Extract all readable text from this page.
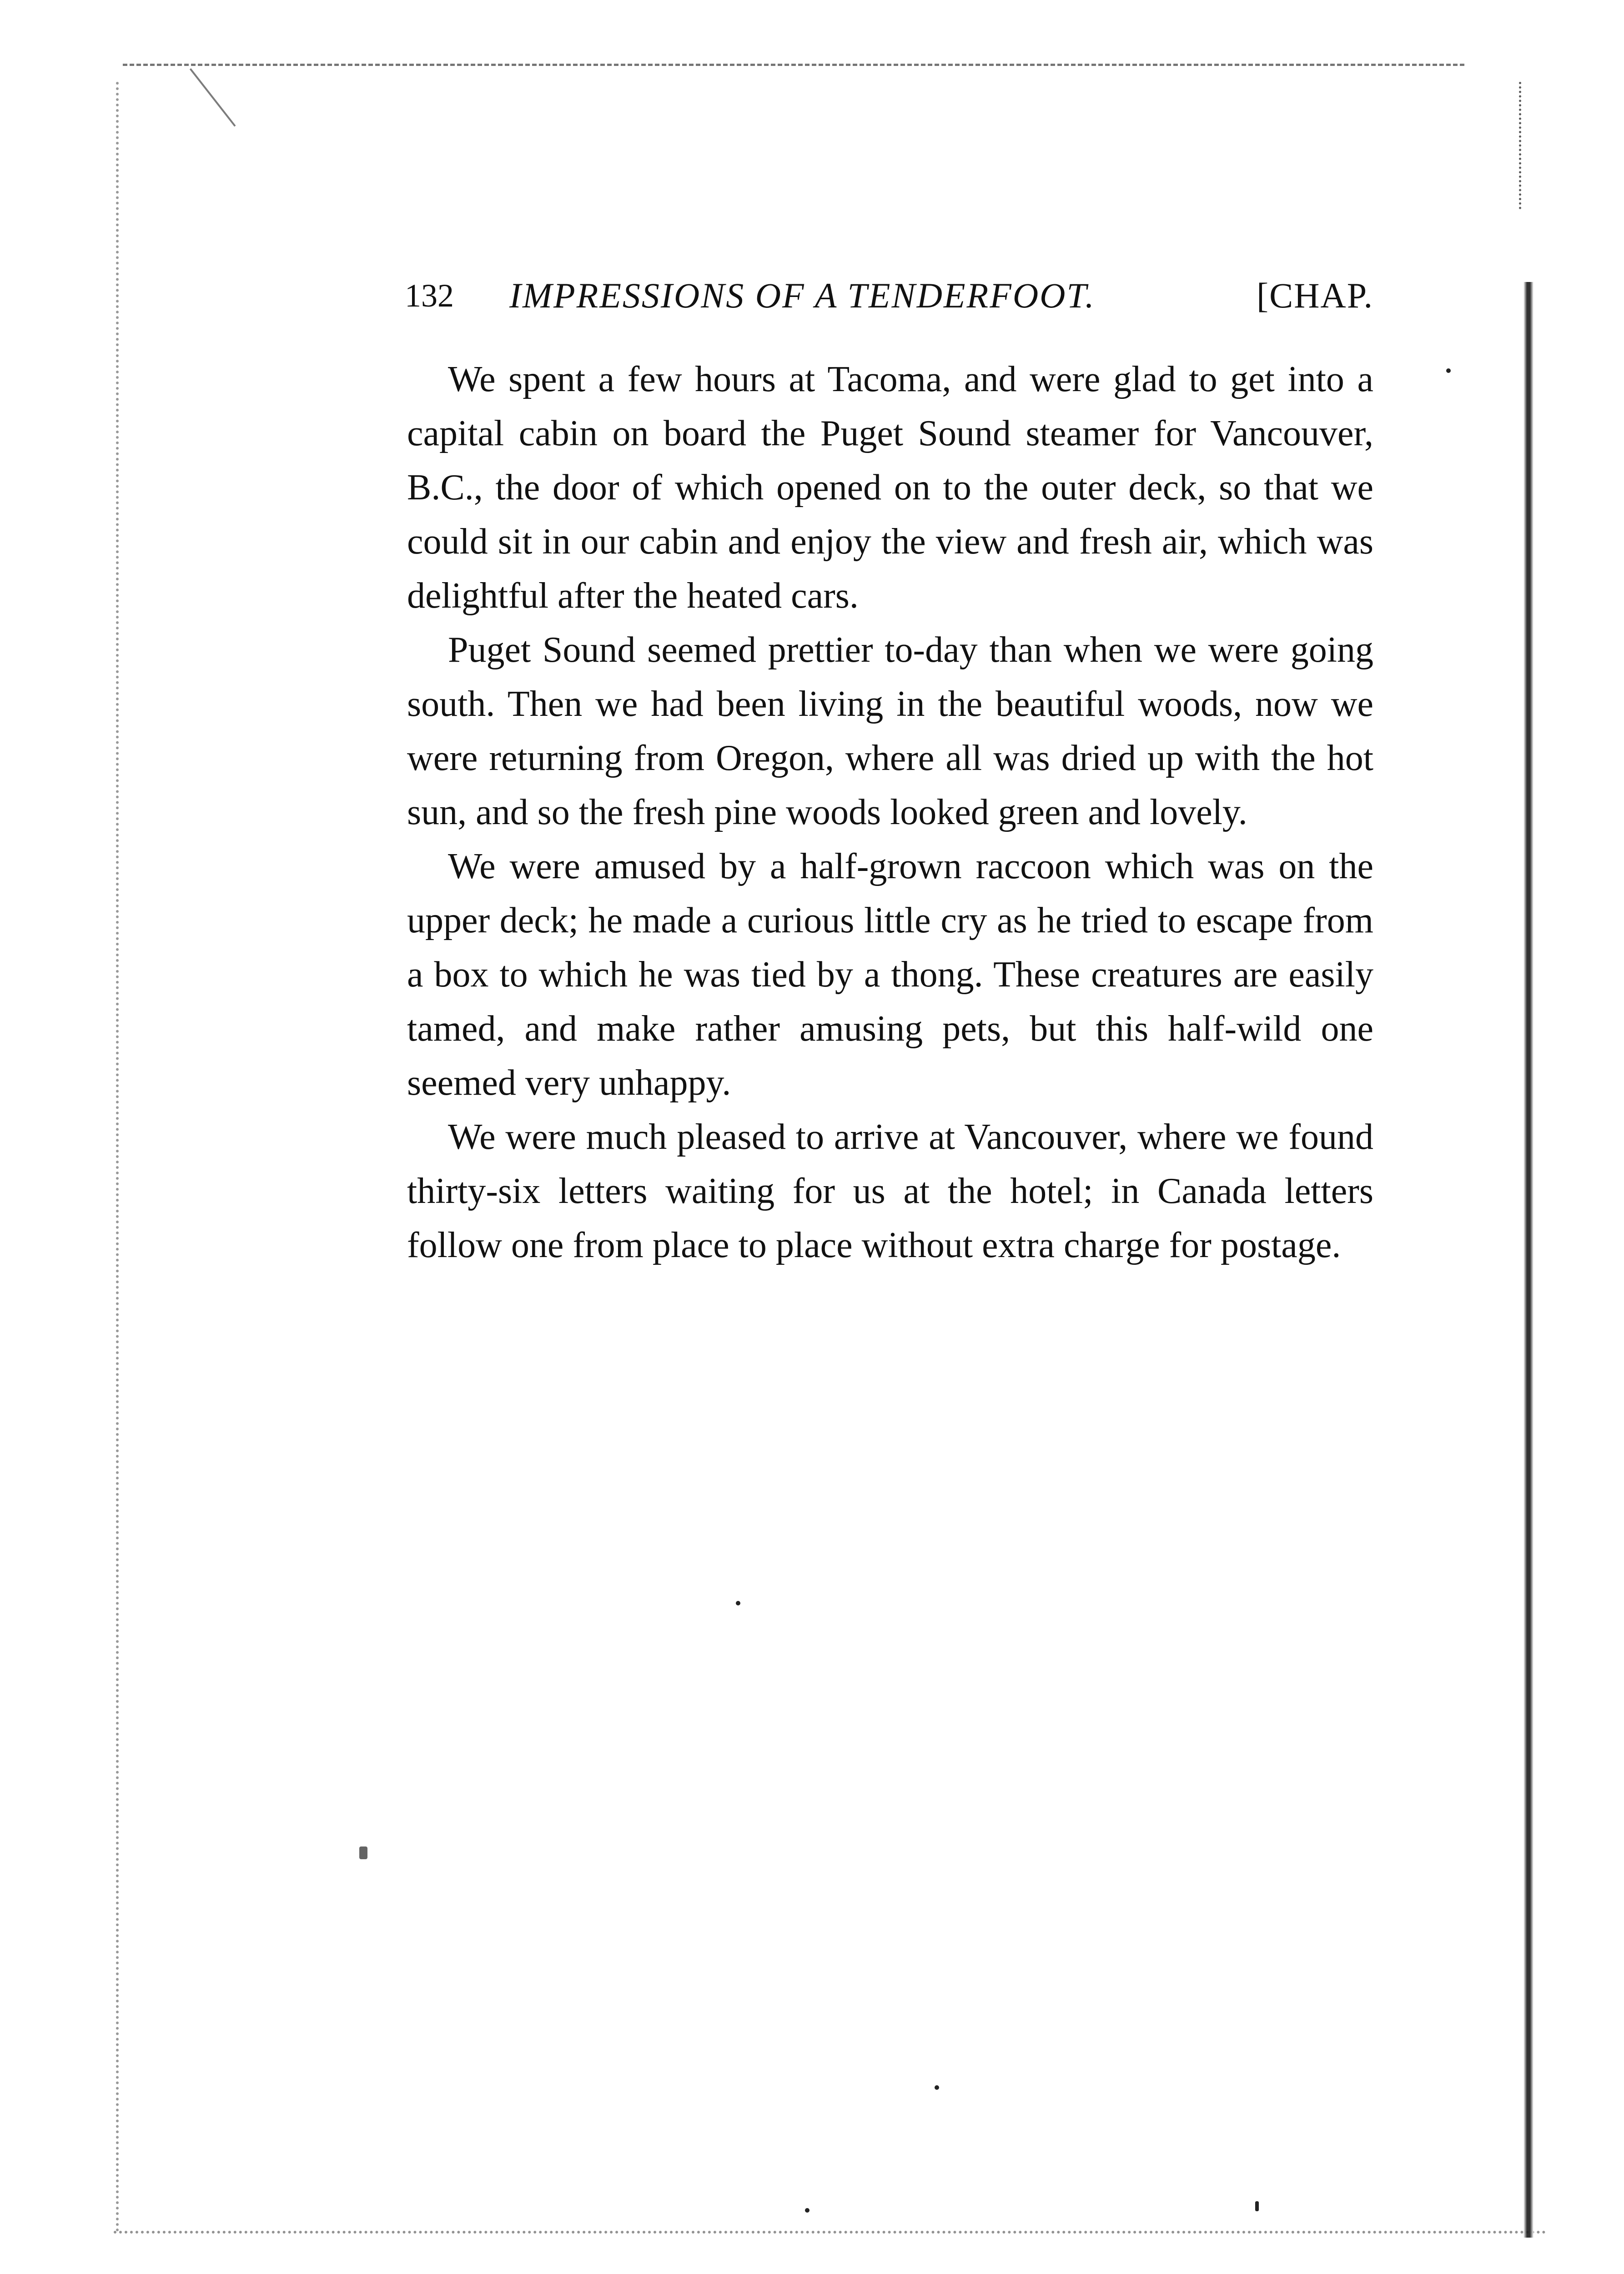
132 IMPRESSIONS OF A TENDERFOOT.	[CHAP.

We spent a few hours at Tacoma, and were glad to get into a capital cabin on board the Puget Sound steamer for Vancouver, B.C., the door of which opened on to the outer deck, so that we could sit in our cabin and enjoy the view and fresh air, which was delightful after the heated cars.

Puget Sound seemed prettier to-day than when we were going south. Then we had been living in the beautiful woods, now we were returning from Oregon, where all was dried up with the hot sun, and so the fresh pine woods looked green and lovely.

We were amused by a half-grown raccoon which was on the upper deck; he made a curious little cry as he tried to escape from a box to which he was tied by a thong. These creatures are easily tamed, and make rather amusing pets, but this half-wild one seemed very unhappy.

We were much pleased to arrive at Vancouver, where we found thirty-six letters waiting for us at the hotel; in Canada letters follow one from place to place without extra charge for postage.
